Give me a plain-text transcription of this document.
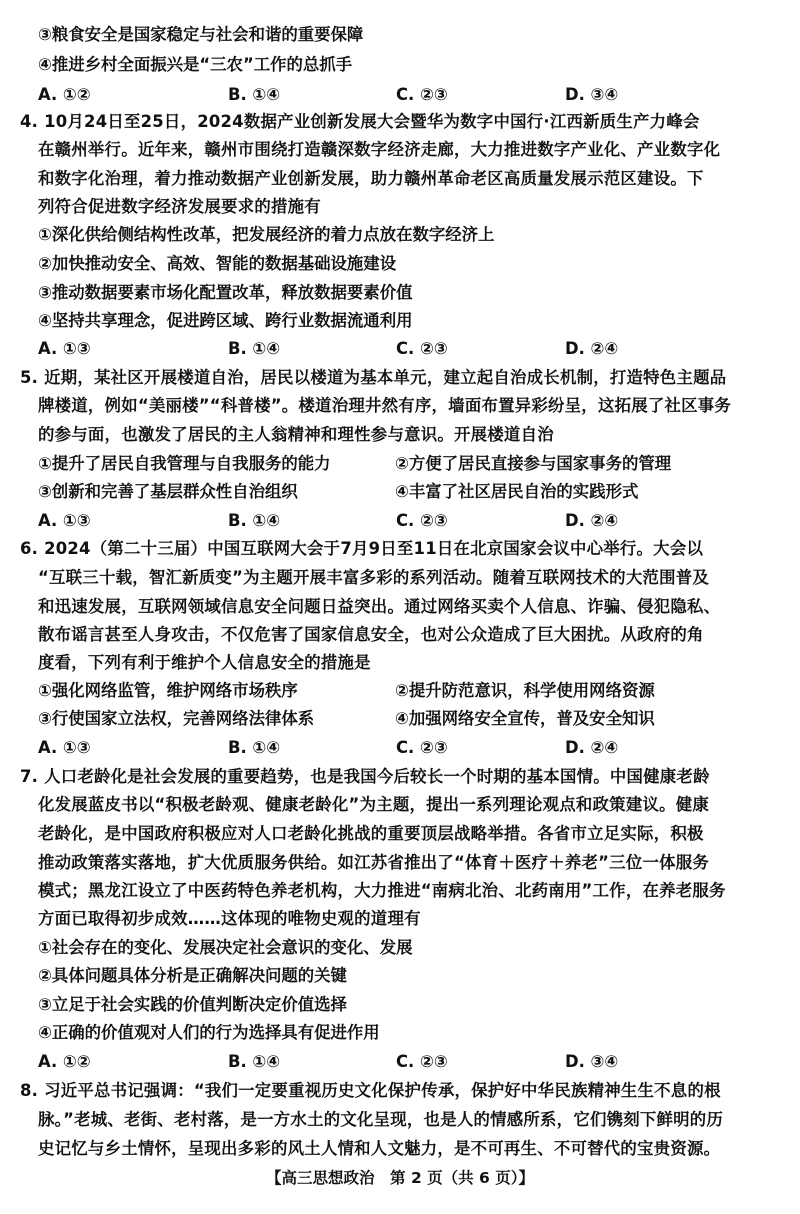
③粮食安全是国家稳定与社会和谐的重要保障
④推进乡村全面振兴是“三农”工作的总抓手
A. ①②	B. ①④	C. ②③	D. ③④
4. 10月24日至25日，2024数据产业创新发展大会暨华为数字中国行·江西新质生产力峰会
在赣州举行。近年来，赣州市围绕打造赣深数字经济走廊，大力推进数字产业化、产业数字化
和数字化治理，着力推动数据产业创新发展，助力赣州革命老区高质量发展示范区建设。下
列符合促进数字经济发展要求的措施有
①深化供给侧结构性改革，把发展经济的着力点放在数字经济上
②加快推动安全、高效、智能的数据基础设施建设
③推动数据要素市场化配置改革，释放数据要素价值
④坚持共享理念，促进跨区域、跨行业数据流通利用
A. ①③	B. ①④	C. ②③	D. ②④
5. 近期，某社区开展楼道自治，居民以楼道为基本单元，建立起自治成长机制，打造特色主题品
牌楼道，例如“美丽楼”“科普楼”。楼道治理井然有序，墙面布置异彩纷呈，这拓展了社区事务
的参与面，也激发了居民的主人翁精神和理性参与意识。开展楼道自治
①提升了居民自我管理与自我服务的能力	②方便了居民直接参与国家事务的管理
③创新和完善了基层群众性自治组织	④丰富了社区居民自治的实践形式
A. ①③	B. ①④	C. ②③	D. ②④
6. 2024（第二十三届）中国互联网大会于7月9日至11日在北京国家会议中心举行。大会以
“互联三十载，智汇新质变”为主题开展丰富多彩的系列活动。随着互联网技术的大范围普及
和迅速发展，互联网领域信息安全问题日益突出。通过网络买卖个人信息、诈骗、侵犯隐私、
散布谣言甚至人身攻击，不仅危害了国家信息安全，也对公众造成了巨大困扰。从政府的角
度看，下列有利于维护个人信息安全的措施是
①强化网络监管，维护网络市场秩序	②提升防范意识，科学使用网络资源
③行使国家立法权，完善网络法律体系	④加强网络安全宣传，普及安全知识
A. ①③	B. ①④	C. ②③	D. ②④
7. 人口老龄化是社会发展的重要趋势，也是我国今后较长一个时期的基本国情。中国健康老龄
化发展蓝皮书以“积极老龄观、健康老龄化”为主题，提出一系列理论观点和政策建议。健康
老龄化，是中国政府积极应对人口老龄化挑战的重要顶层战略举措。各省市立足实际，积极
推动政策落实落地，扩大优质服务供给。如江苏省推出了“体育＋医疗＋养老”三位一体服务
模式；黑龙江设立了中医药特色养老机构，大力推进“南病北治、北药南用”工作，在养老服务
方面已取得初步成效……这体现的唯物史观的道理有
①社会存在的变化、发展决定社会意识的变化、发展
②具体问题具体分析是正确解决问题的关键
③立足于社会实践的价值判断决定价值选择
④正确的价值观对人们的行为选择具有促进作用
A. ①②	B. ①④	C. ②③	D. ③④
8. 习近平总书记强调：“我们一定要重视历史文化保护传承，保护好中华民族精神生生不息的根
脉。”老城、老街、老村落，是一方水土的文化呈现，也是人的情感所系，它们镌刻下鲜明的历
史记忆与乡土情怀，呈现出多彩的风土人情和人文魅力，是不可再生、不可替代的宝贵资源。
【高三思想政治　第 2 页（共 6 页）】
